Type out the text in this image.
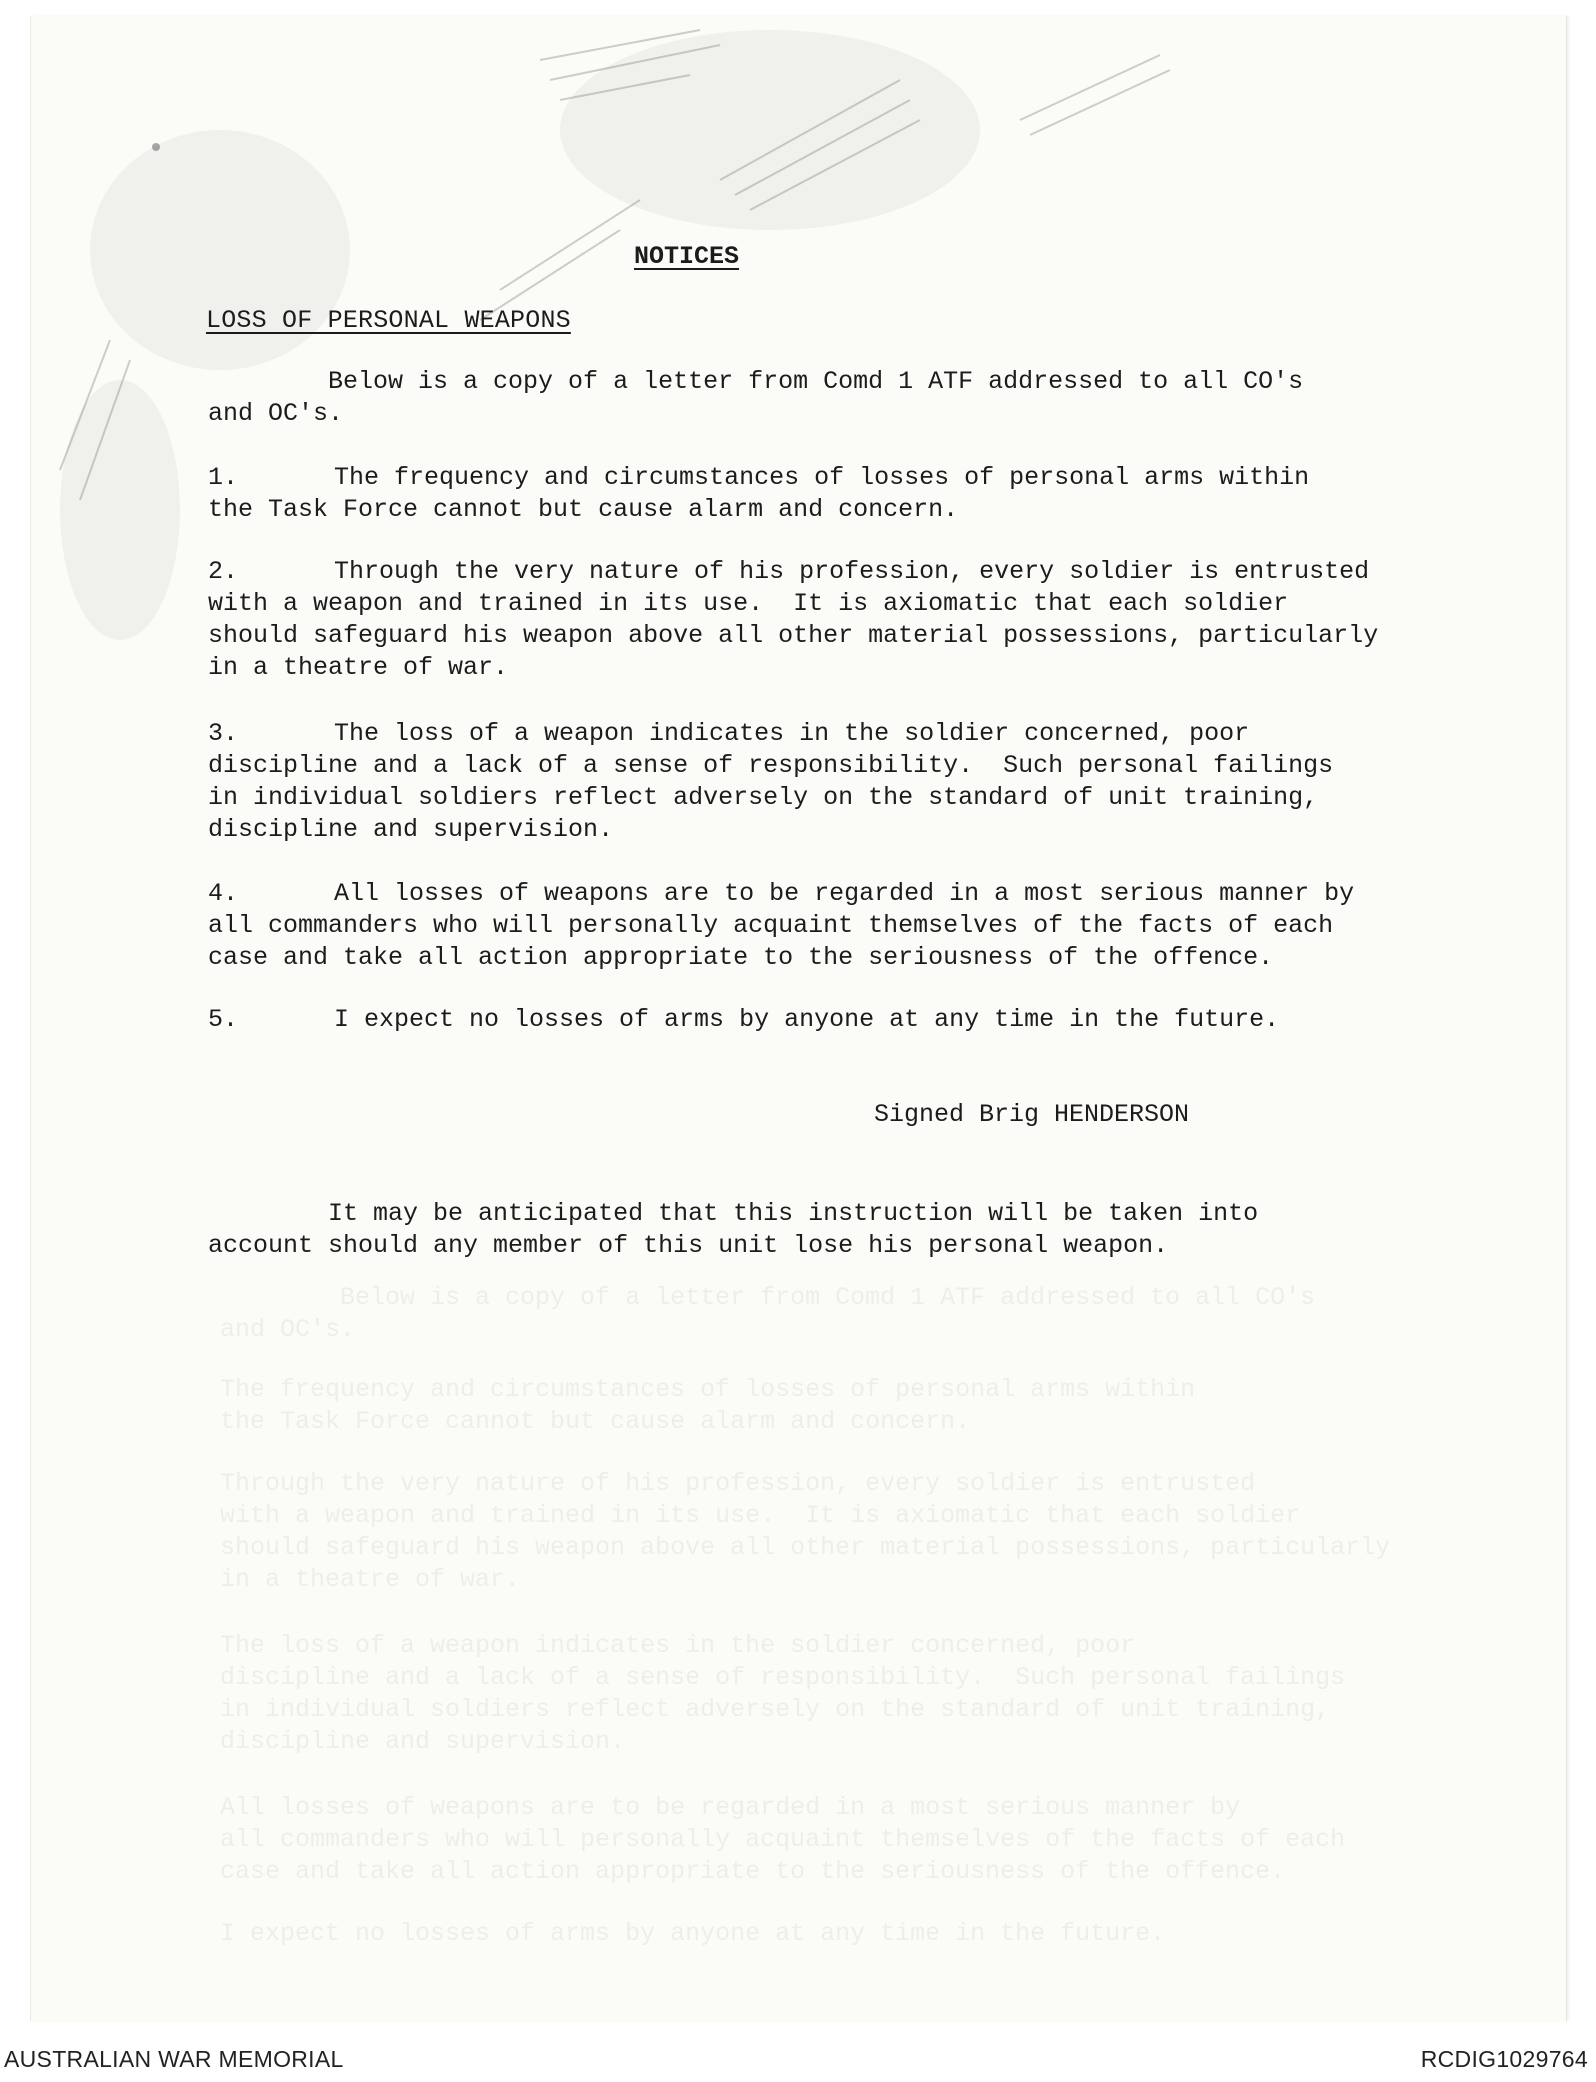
NOTICES
LOSS OF PERSONAL WEAPONS
Below is a copy of a letter from Comd 1 ATF addressed to all CO's
and OC's.
1.	The frequency and circumstances of losses of personal arms within
the Task Force cannot but cause alarm and concern.
2.	Through the very nature of his profession, every soldier is entrusted
with a weapon and trained in its use.  It is axiomatic that each soldier
should safeguard his weapon above all other material possessions, particularly
in a theatre of war.
3.	The loss of a weapon indicates in the soldier concerned, poor
discipline and a lack of a sense of responsibility.  Such personal failings
in individual soldiers reflect adversely on the standard of unit training,
discipline and supervision.
4.	All losses of weapons are to be regarded in a most serious manner by
all commanders who will personally acquaint themselves of the facts of each
case and take all action appropriate to the seriousness of the offence.
5.	I expect no losses of arms by anyone at any time in the future.
Signed Brig HENDERSON
It may be anticipated that this instruction will be taken into
account should any member of this unit lose his personal weapon.
Below is a copy of a letter from Comd 1 ATF addressed to all CO's
and OC's.
The frequency and circumstances of losses of personal arms within
the Task Force cannot but cause alarm and concern.
Through the very nature of his profession, every soldier is entrusted
with a weapon and trained in its use.  It is axiomatic that each soldier
should safeguard his weapon above all other material possessions, particularly
in a theatre of war.
The loss of a weapon indicates in the soldier concerned, poor
discipline and a lack of a sense of responsibility.  Such personal failings
in individual soldiers reflect adversely on the standard of unit training,
discipline and supervision.
All losses of weapons are to be regarded in a most serious manner by
all commanders who will personally acquaint themselves of the facts of each
case and take all action appropriate to the seriousness of the offence.
I expect no losses of arms by anyone at any time in the future.
AUSTRALIAN WAR MEMORIAL	RCDIG1029764
